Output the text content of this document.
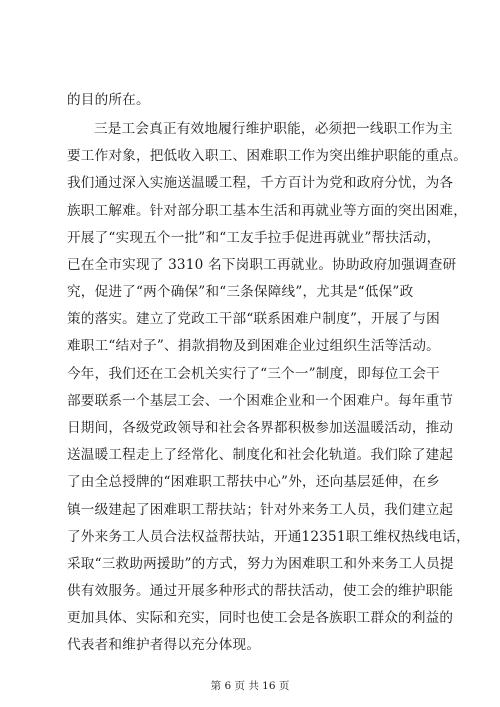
的目的所在。
三是工会真正有效地履行维护职能，必须把一线职工作为主
要工作对象，把低收入职工、困难职工作为突出维护职能的重点。
我们通过深入实施送温暖工程，千方百计为党和政府分忧，为各
族职工解难。针对部分职工基本生活和再就业等方面的突出困难，
开展了“实现五个一批”和“工友手拉手促进再就业”帮扶活动，
已在全市实现了 3310 名下岗职工再就业。协助政府加强调查研
究，促进了“两个确保”和“三条保障线”，尤其是“低保”政
策的落实。建立了党政工干部“联系困难户制度”，开展了与困
难职工“结对子”、捐款捐物及到困难企业过组织生活等活动。
今年，我们还在工会机关实行了“三个一”制度，即每位工会干
部要联系一个基层工会、一个困难企业和一个困难户。每年重节
日期间，各级党政领导和社会各界都积极参加送温暖活动，推动
送温暖工程走上了经常化、制度化和社会化轨道。我们除了建起
了由全总授牌的“困难职工帮扶中心”外，还向基层延伸，在乡
镇一级建起了困难职工帮扶站；针对外来务工人员，我们建立起
了外来务工人员合法权益帮扶站，开通12351职工维权热线电话，
采取“三救助两援助”的方式，努力为困难职工和外来务工人员提
供有效服务。通过开展多种形式的帮扶活动，使工会的维护职能
更加具体、实际和充实，同时也使工会是各族职工群众的利益的
代表者和维护者得以充分体现。
第 6 页 共 16 页
